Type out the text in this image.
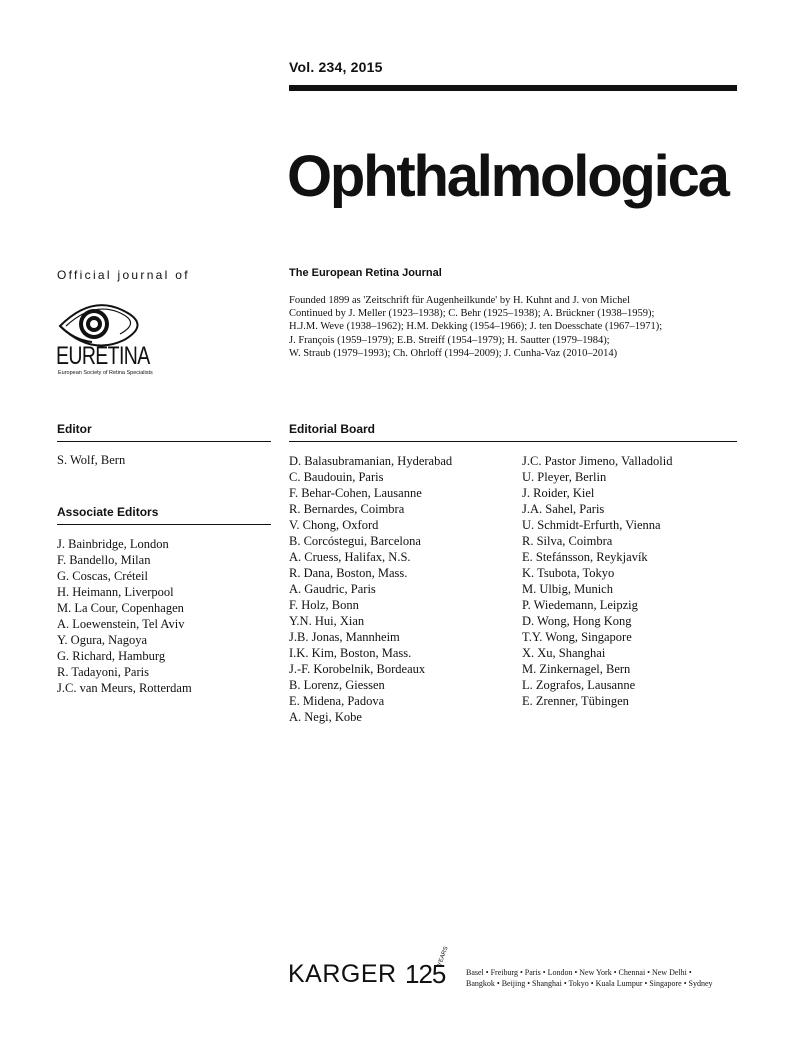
Vol. 234, 2015
Ophthalmologica
Official journal of
EURETINA
European Society of Retina Specialists
The European Retina Journal
Founded 1899 as 'Zeitschrift für Augenheilkunde' by H. Kuhnt and J. von Michel
Continued by J. Meller (1923–1938); C. Behr (1925–1938); A. Brückner (1938–1959);
H.J.M. Weve (1938–1962); H.M. Dekking (1954–1966); J. ten Doesschate (1967–1971);
J. François (1959–1979); E.B. Streiff (1954–1979); H. Sautter (1979–1984);
W. Straub (1979–1993); Ch. Ohrloff (1994–2009); J. Cunha-Vaz (2010–2014)
Editor
S. Wolf, Bern
Associate Editors
J. Bainbridge, London
F. Bandello, Milan
G. Coscas, Créteil
H. Heimann, Liverpool
M. La Cour, Copenhagen
A. Loewenstein, Tel Aviv
Y. Ogura, Nagoya
G. Richard, Hamburg
R. Tadayoni, Paris
J.C. van Meurs, Rotterdam
Editorial Board
D. Balasubramanian, Hyderabad
C. Baudouin, Paris
F. Behar-Cohen, Lausanne
R. Bernardes, Coimbra
V. Chong, Oxford
B. Corcóstegui, Barcelona
A. Cruess, Halifax, N.S.
R. Dana, Boston, Mass.
A. Gaudric, Paris
F. Holz, Bonn
Y.N. Hui, Xian
J.B. Jonas, Mannheim
I.K. Kim, Boston, Mass.
J.-F. Korobelnik, Bordeaux
B. Lorenz, Giessen
E. Midena, Padova
A. Negi, Kobe
J.C. Pastor Jimeno, Valladolid
U. Pleyer, Berlin
J. Roider, Kiel
J.A. Sahel, Paris
U. Schmidt-Erfurth, Vienna
R. Silva, Coimbra
E. Stefánsson, Reykjavík
K. Tsubota, Tokyo
M. Ulbig, Munich
P. Wiedemann, Leipzig
D. Wong, Hong Kong
T.Y. Wong, Singapore
X. Xu, Shanghai
M. Zinkernagel, Bern
L. Zografos, Lausanne
E. Zrenner, Tübingen
KARGER 125
YEARS
Basel • Freiburg • Paris • London • New York • Chennai • New Delhi •
Bangkok • Beijing • Shanghai • Tokyo • Kuala Lumpur • Singapore • Sydney
